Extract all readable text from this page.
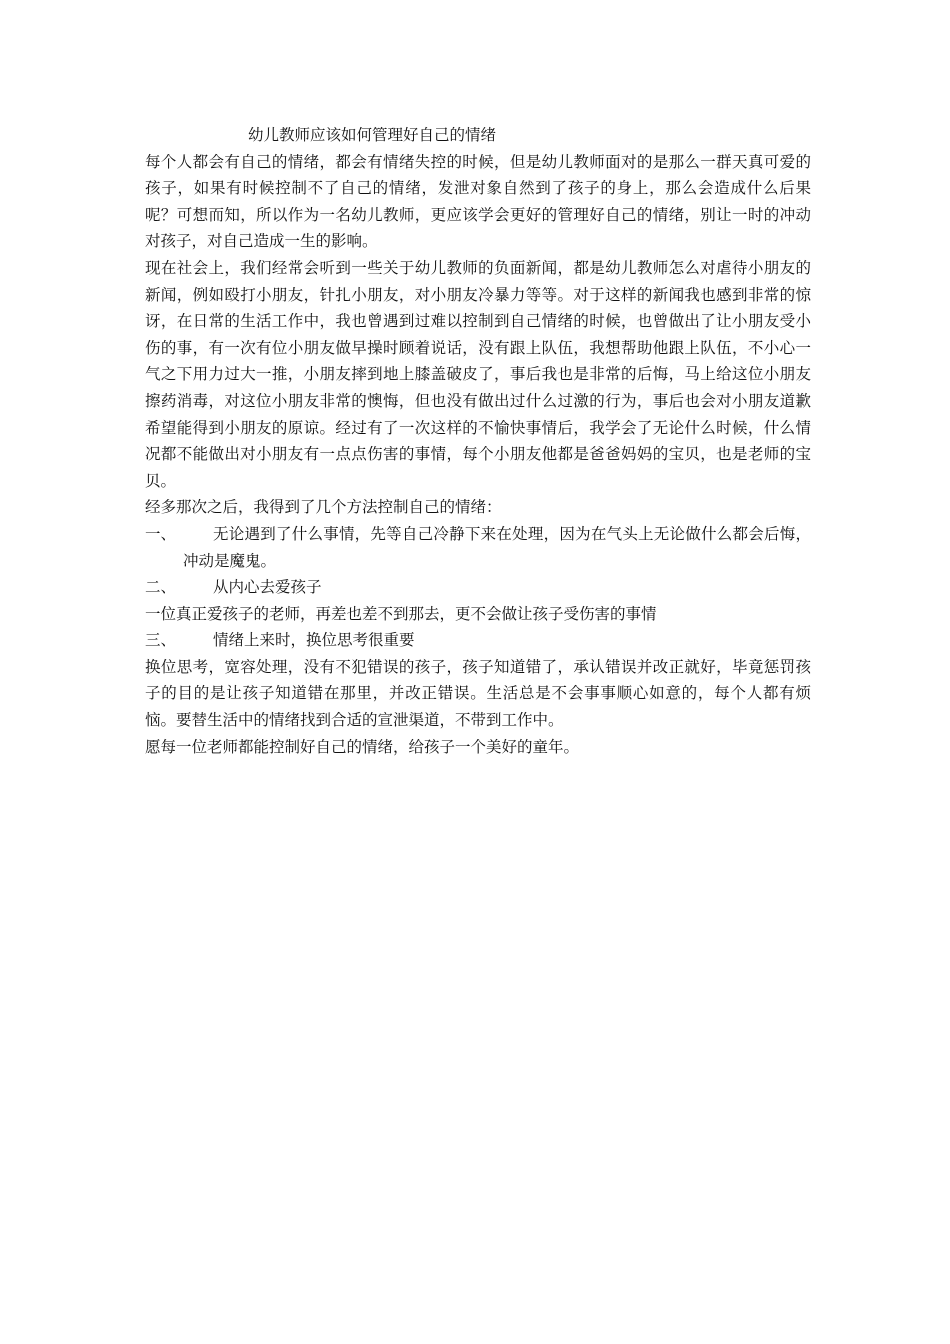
幼儿教师应该如何管理好自己的情绪

每个人都会有自己的情绪，都会有情绪失控的时候，但是幼儿教师面对的是那么一群天真可爱的孩子，如果有时候控制不了自己的情绪，发泄对象自然到了孩子的身上，那么会造成什么后果呢？可想而知，所以作为一名幼儿教师，更应该学会更好的管理好自己的情绪，别让一时的冲动对孩子，对自己造成一生的影响。

现在社会上，我们经常会听到一些关于幼儿教师的负面新闻，都是幼儿教师怎么对虐待小朋友的新闻，例如殴打小朋友，针扎小朋友，对小朋友冷暴力等等。对于这样的新闻我也感到非常的惊讶，在日常的生活工作中，我也曾遇到过难以控制到自己情绪的时候，也曾做出了让小朋友受小伤的事，有一次有位小朋友做早操时顾着说话，没有跟上队伍，我想帮助他跟上队伍，不小心一气之下用力过大一推，小朋友摔到地上膝盖破皮了，事后我也是非常的后悔，马上给这位小朋友擦药消毒，对这位小朋友非常的懊悔，但也没有做出过什么过激的行为，事后也会对小朋友道歉希望能得到小朋友的原谅。经过有了一次这样的不愉快事情后，我学会了无论什么时候，什么情况都不能做出对小朋友有一点点伤害的事情，每个小朋友他都是爸爸妈妈的宝贝，也是老师的宝贝。

经多那次之后，我得到了几个方法控制自己的情绪：

一、	无论遇到了什么事情，先等自己冷静下来在处理，因为在气头上无论做什么都会后悔，冲动是魔鬼。
二、	从内心去爱孩子

一位真正爱孩子的老师，再差也差不到那去，更不会做让孩子受伤害的事情

三、	情绪上来时，换位思考很重要

换位思考，宽容处理，没有不犯错误的孩子，孩子知道错了，承认错误并改正就好，毕竟惩罚孩子的目的是让孩子知道错在那里，并改正错误。生活总是不会事事顺心如意的，每个人都有烦恼。要替生活中的情绪找到合适的宣泄渠道，不带到工作中。

愿每一位老师都能控制好自己的情绪，给孩子一个美好的童年。
